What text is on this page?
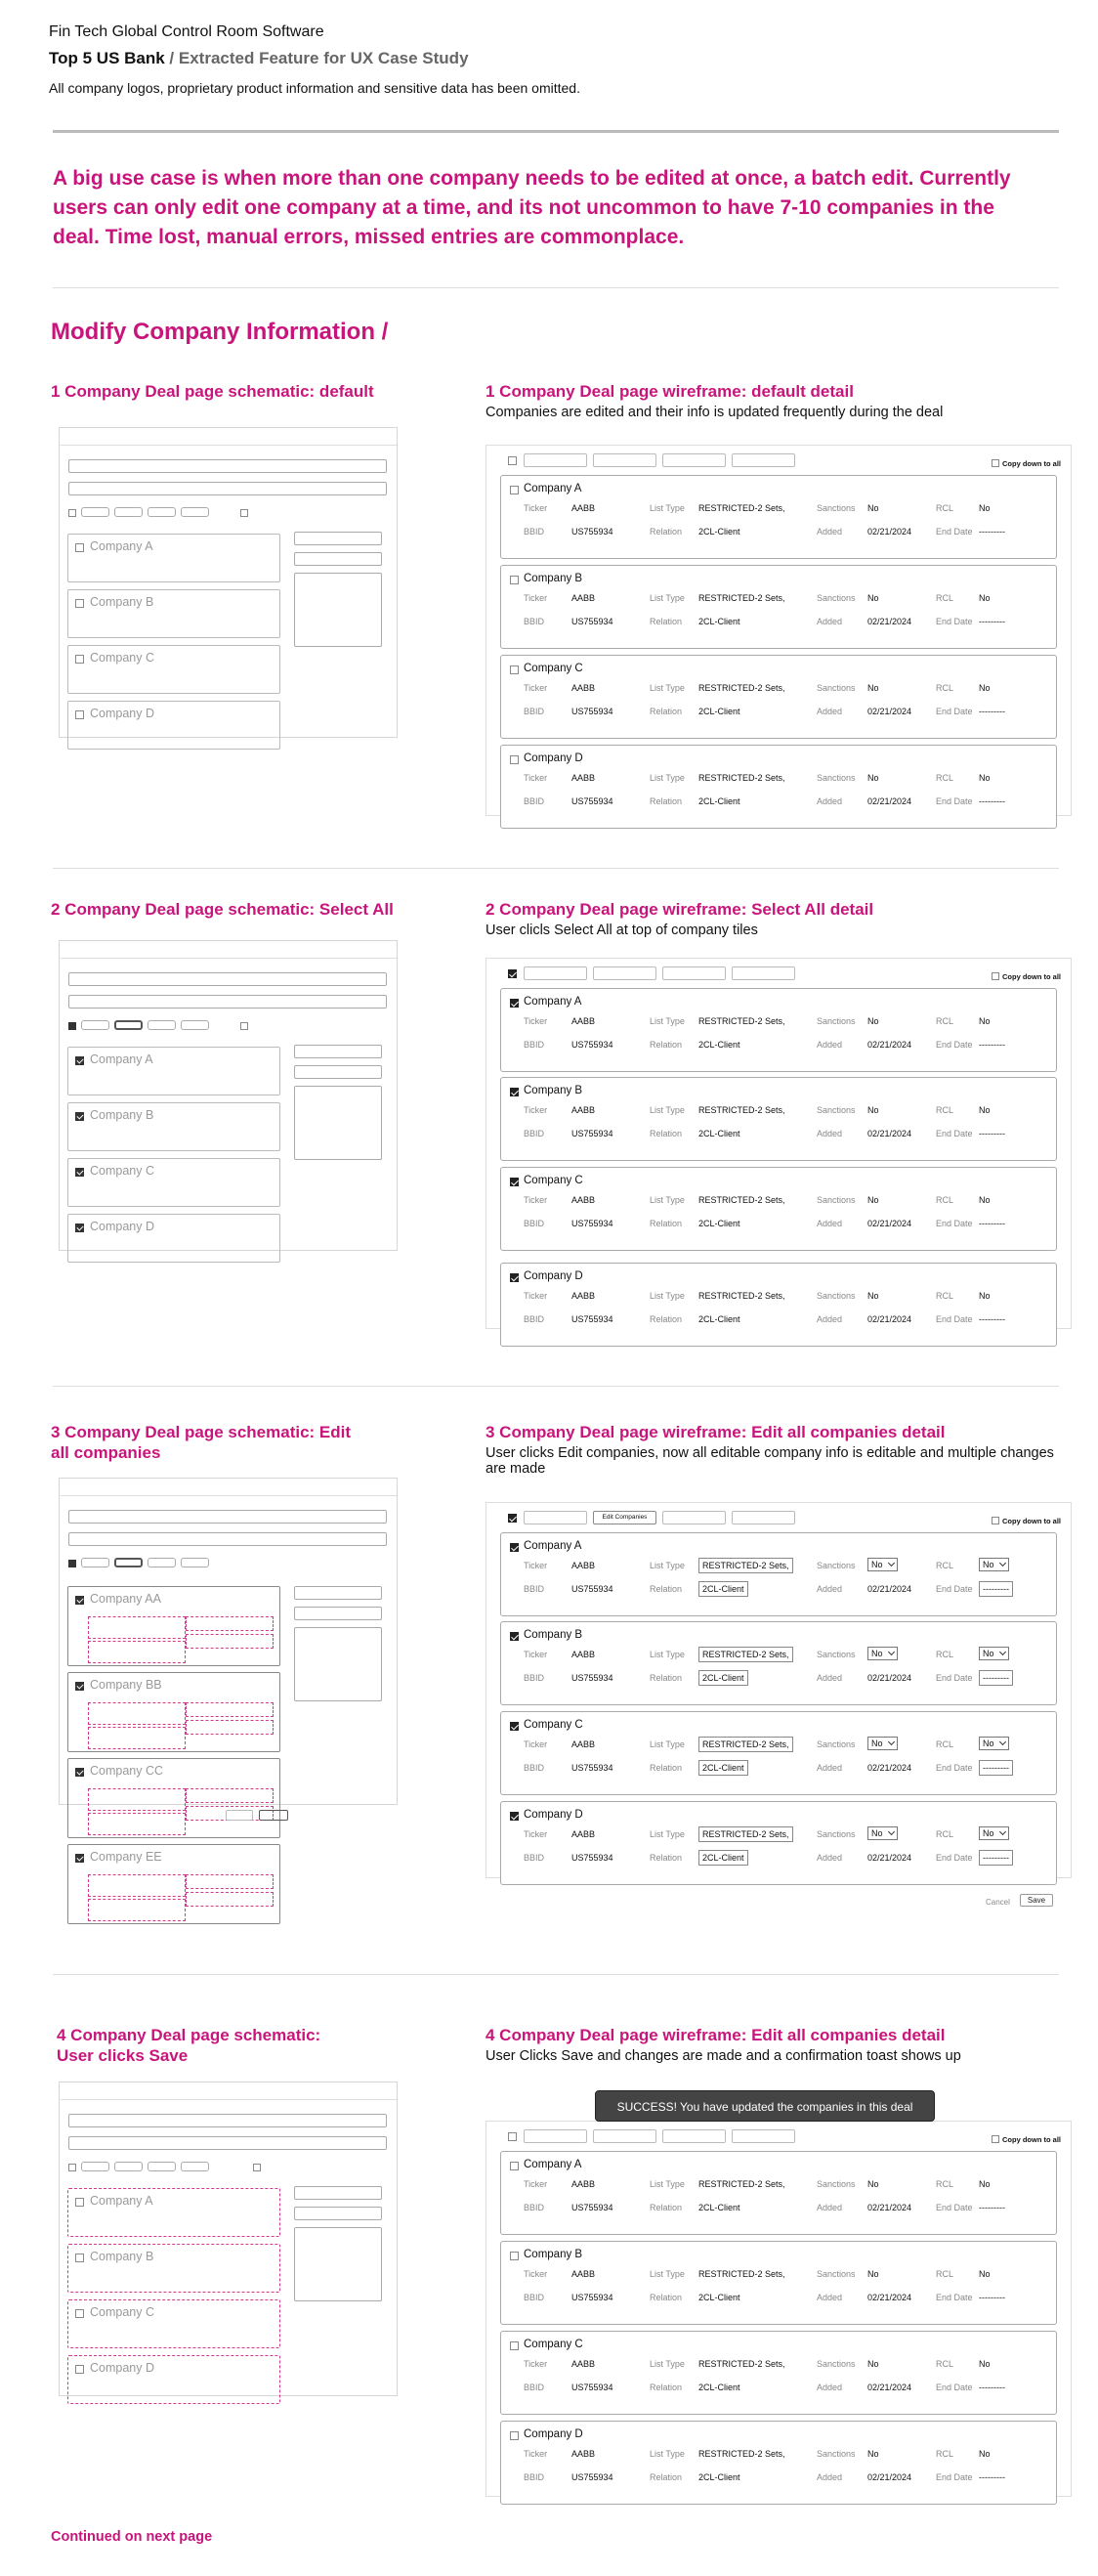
Fin Tech Global Control Room Software
Top 5 US Bank / Extracted Feature for UX Case Study
All company logos, proprietary product information and sensitive data has been omitted.
A big use case is when more than one company needs to be edited at once, a batch edit. Currently users can only edit one company at a time, and its not uncommon to have 7-10 companies in the deal. Time lost, manual errors, missed entries are commonplace.
Modify Company Information /
1 Company Deal page schematic: default	1 Company Deal page wireframe: default detail
Companies are edited and their info is updated frequently during the deal
Company A
Company B
Company C
Company D
Copy down to all
Company A
Ticker	AABB	List Type RESTRICTED-2 Sets,	Sanctions No	RCL	No
BBID	US755934	Relation 2CL-Client	Added	02/21/2024	End Date ---------
Company B
Ticker	AABB	List Type RESTRICTED-2 Sets,	Sanctions No	RCL	No
BBID	US755934	Relation 2CL-Client	Added	02/21/2024	End Date ---------
Company C
Ticker	AABB	List Type RESTRICTED-2 Sets,	Sanctions No	RCL	No
BBID	US755934	Relation 2CL-Client	Added	02/21/2024	End Date ---------
Company D
Ticker	AABB	List Type RESTRICTED-2 Sets,	Sanctions No	RCL	No
BBID	US755934	Relation 2CL-Client	Added	02/21/2024	End Date ---------
2 Company Deal page schematic: Select All	2 Company Deal page wireframe: Select All detail
User clicls Select All at top of company tiles
Company A
Company B
Company C
Company D
Copy down to all
Company A
Ticker	AABB	List Type RESTRICTED-2 Sets,	Sanctions No	RCL	No
BBID	US755934	Relation 2CL-Client	Added	02/21/2024	End Date ---------
Company B
Ticker	AABB	List Type RESTRICTED-2 Sets,	Sanctions No	RCL	No
BBID	US755934	Relation 2CL-Client	Added	02/21/2024	End Date ---------
Company C
Ticker	AABB	List Type RESTRICTED-2 Sets,	Sanctions No	RCL	No
BBID	US755934	Relation 2CL-Client	Added	02/21/2024	End Date ---------
Company D
Ticker	AABB	List Type RESTRICTED-2 Sets,	Sanctions No	RCL	No
BBID	US755934	Relation 2CL-Client	Added	02/21/2024	End Date ---------
3 Company Deal page schematic: Edit all companies
3 Company Deal page wireframe: Edit all companies detail
User clicks Edit companies, now all editable company info is editable and multiple changes are made
Company AA
Company BB
Company CC
Company EE
Edit Companies	Copy down to all
Company A
Ticker	AABB	List Type	RESTRICTED-2 Sets,	Sanctions	No	RCL	No
BBID	US755934	Relation	2CL-Client	Added	02/21/2024	End Date	---------
Company B
Ticker	AABB	List Type	RESTRICTED-2 Sets,	Sanctions	No	RCL	No
BBID	US755934	Relation	2CL-Client	Added	02/21/2024	End Date	---------
Company C
Ticker	AABB	List Type	RESTRICTED-2 Sets,	Sanctions	No	RCL	No
BBID	US755934	Relation	2CL-Client	Added	02/21/2024	End Date	---------
Company D
Ticker	AABB	List Type	RESTRICTED-2 Sets,	Sanctions	No	RCL	No
BBID	US755934	Relation	2CL-Client	Added	02/21/2024	End Date	---------
Cancel	Save
4 Company Deal page schematic: User clicks Save
4 Company Deal page wireframe: Edit all companies detail
User Clicks Save and changes are made and a confirmation toast shows up
Company A
Company B
Company C
Company D
Copy down to all
Company A
Ticker	AABB	List Type RESTRICTED-2 Sets,	Sanctions No	RCL	No
BBID	US755934	Relation 2CL-Client	Added	02/21/2024	End Date ---------
Company B
Ticker	AABB	List Type RESTRICTED-2 Sets,	Sanctions No	RCL	No
BBID	US755934	Relation 2CL-Client	Added	02/21/2024	End Date ---------
Company C
Ticker	AABB	List Type RESTRICTED-2 Sets,	Sanctions No	RCL	No
BBID	US755934	Relation 2CL-Client	Added	02/21/2024	End Date ---------
Company D
Ticker	AABB	List Type RESTRICTED-2 Sets,	Sanctions No	RCL	No
BBID	US755934	Relation 2CL-Client	Added	02/21/2024	End Date ---------
SUCCESS! You have updated the companies in this deal
Continued on next page
